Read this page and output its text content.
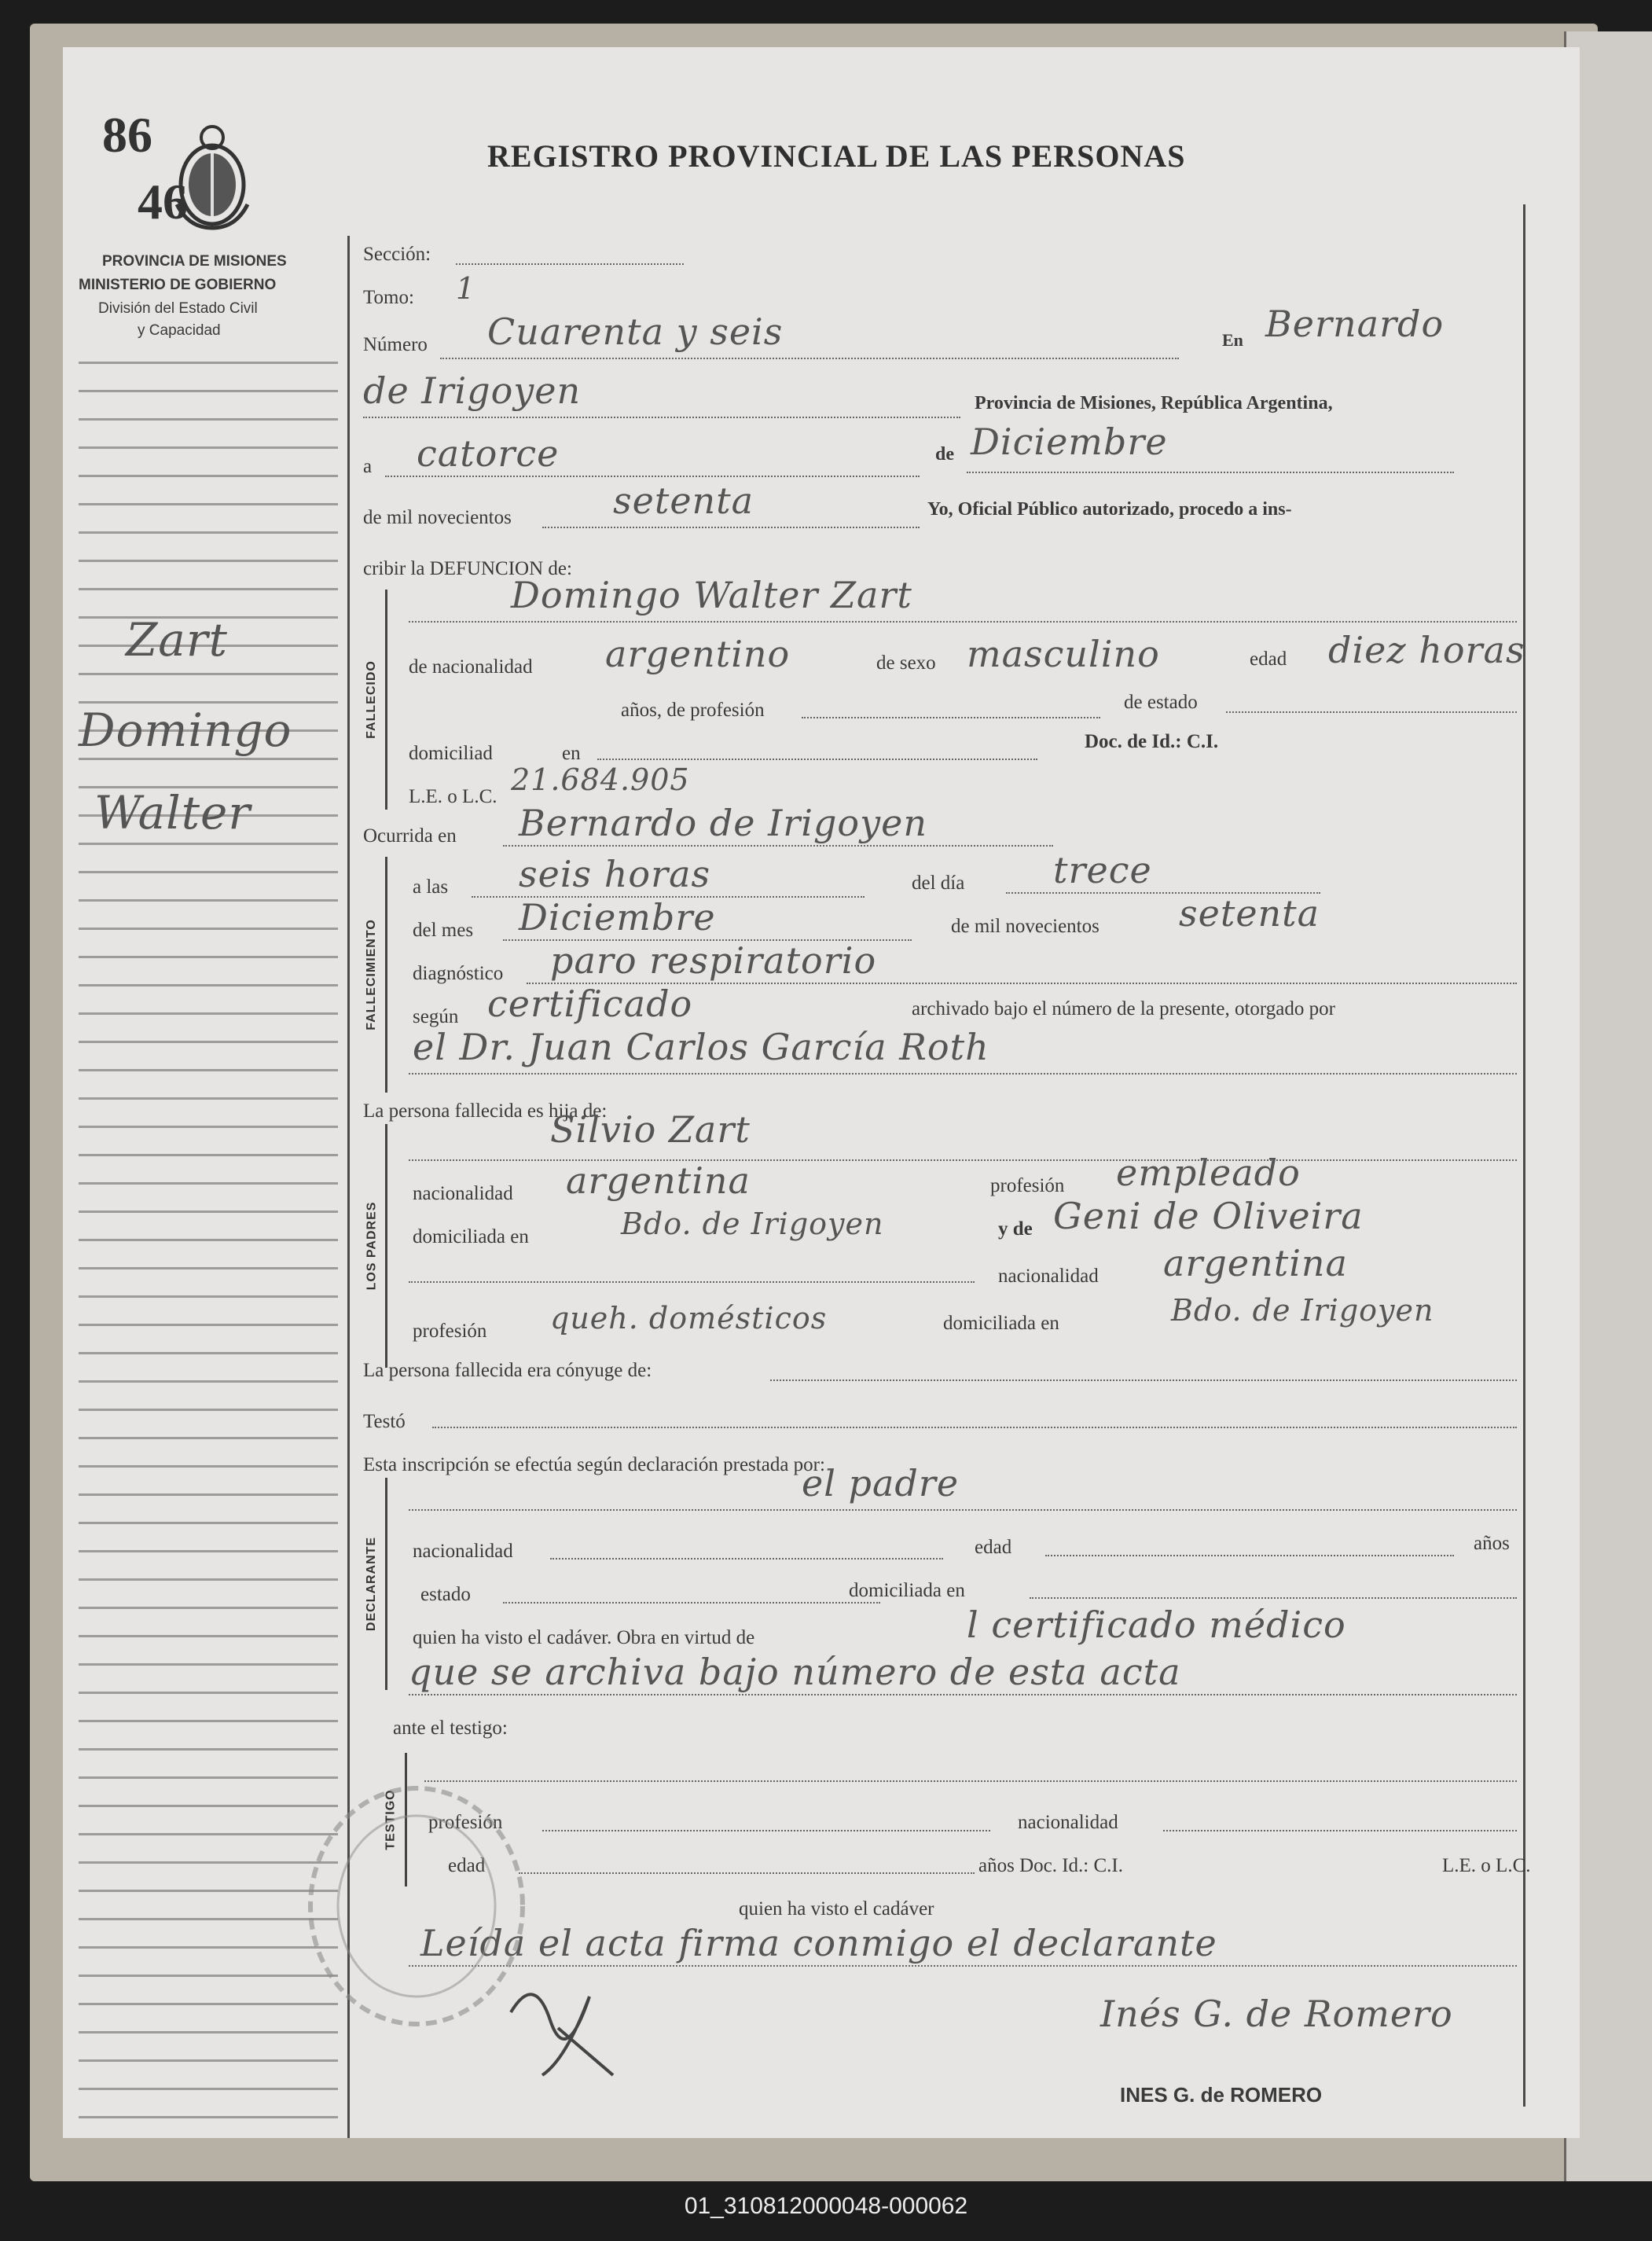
86
46
REGISTRO PROVINCIAL DE LAS PERSONAS
PROVINCIA DE MISIONES
MINISTERIO DE GOBIERNO
División del Estado Civil
y Capacidad
Zart
Domingo
Walter
Sección:
Tomo: 1
Número Cuarenta y seis	En Bernardo
de Irigoyen	Provincia de Misiones, República Argentina,
a catorce	de Diciembre
de mil novecientos	setenta	Yo, Oficial Público autorizado, procedo a ins-
cribir la DEFUNCION de:
FALLECIDO
Domingo Walter Zart
de nacionalidad argentino	de sexo masculino	edad diez horas
años, de profesión	de estado
domiciliad	en
Doc. de Id.: C.I.
L.E. o L.C. 21.684.905
Ocurrida en Bernardo de Irigoyen
FALLECIMIENTO
a las seis horas	del día trece
del mes Diciembre	de mil novecientos setenta
diagnóstico paro respiratorio
según certificado	archivado bajo el número de la presente, otorgado por
el Dr. Juan Carlos García Roth
La persona fallecida es hija de:
LOS PADRES
Silvio Zart
nacionalidad argentina	profesión empleado
domiciliada en	Bdo. de Irigoyen	y de Geni de Oliveira
nacionalidad argentina
profesión queh. domésticos	domiciliada en	Bdo. de Irigoyen
La persona fallecida era cónyuge de:
Testó
Esta inscripción se efectúa según declaración prestada por:
DECLARANTE
el padre
nacionalidad	edad	años
estado	domiciliada en
quien ha visto el cadáver. Obra en virtud de	l certificado médico
que se archiva bajo número de esta acta
ante el testigo:
TESTIGO profesión	nacionalidad
edad	años Doc. Id.: C.I.	L.E. o L.C.
quien ha visto el cadáver
Leída el acta firma conmigo el declarante
Inés G. de Romero
INES G. de ROMERO
01_310812000048-000062
